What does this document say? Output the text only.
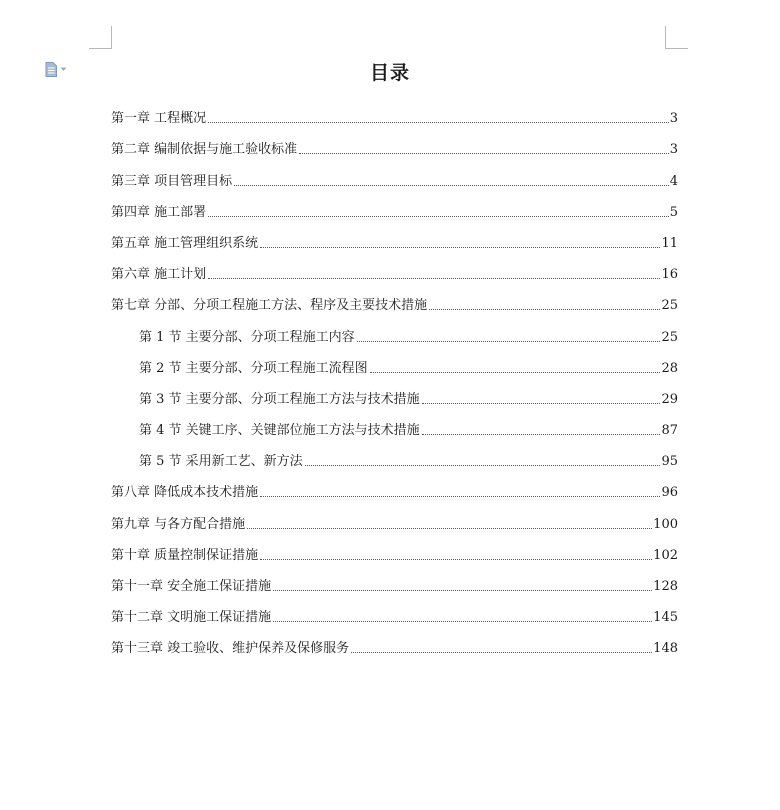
目录
第一章 工程概况	3
第二章 编制依据与施工验收标准	3
第三章 项目管理目标	4
第四章 施工部署	5
第五章 施工管理组织系统	11
第六章 施工计划	16
第七章 分部、分项工程施工方法、程序及主要技术措施	25
第 1 节 主要分部、分项工程施工内容	25
第 2 节 主要分部、分项工程施工流程图	28
第 3 节 主要分部、分项工程施工方法与技术措施	29
第 4 节 关键工序、关键部位施工方法与技术措施	87
第 5 节 采用新工艺、新方法	95
第八章 降低成本技术措施	96
第九章 与各方配合措施	100
第十章 质量控制保证措施	102
第十一章 安全施工保证措施	128
第十二章 文明施工保证措施	145
第十三章 竣工验收、维护保养及保修服务	148
